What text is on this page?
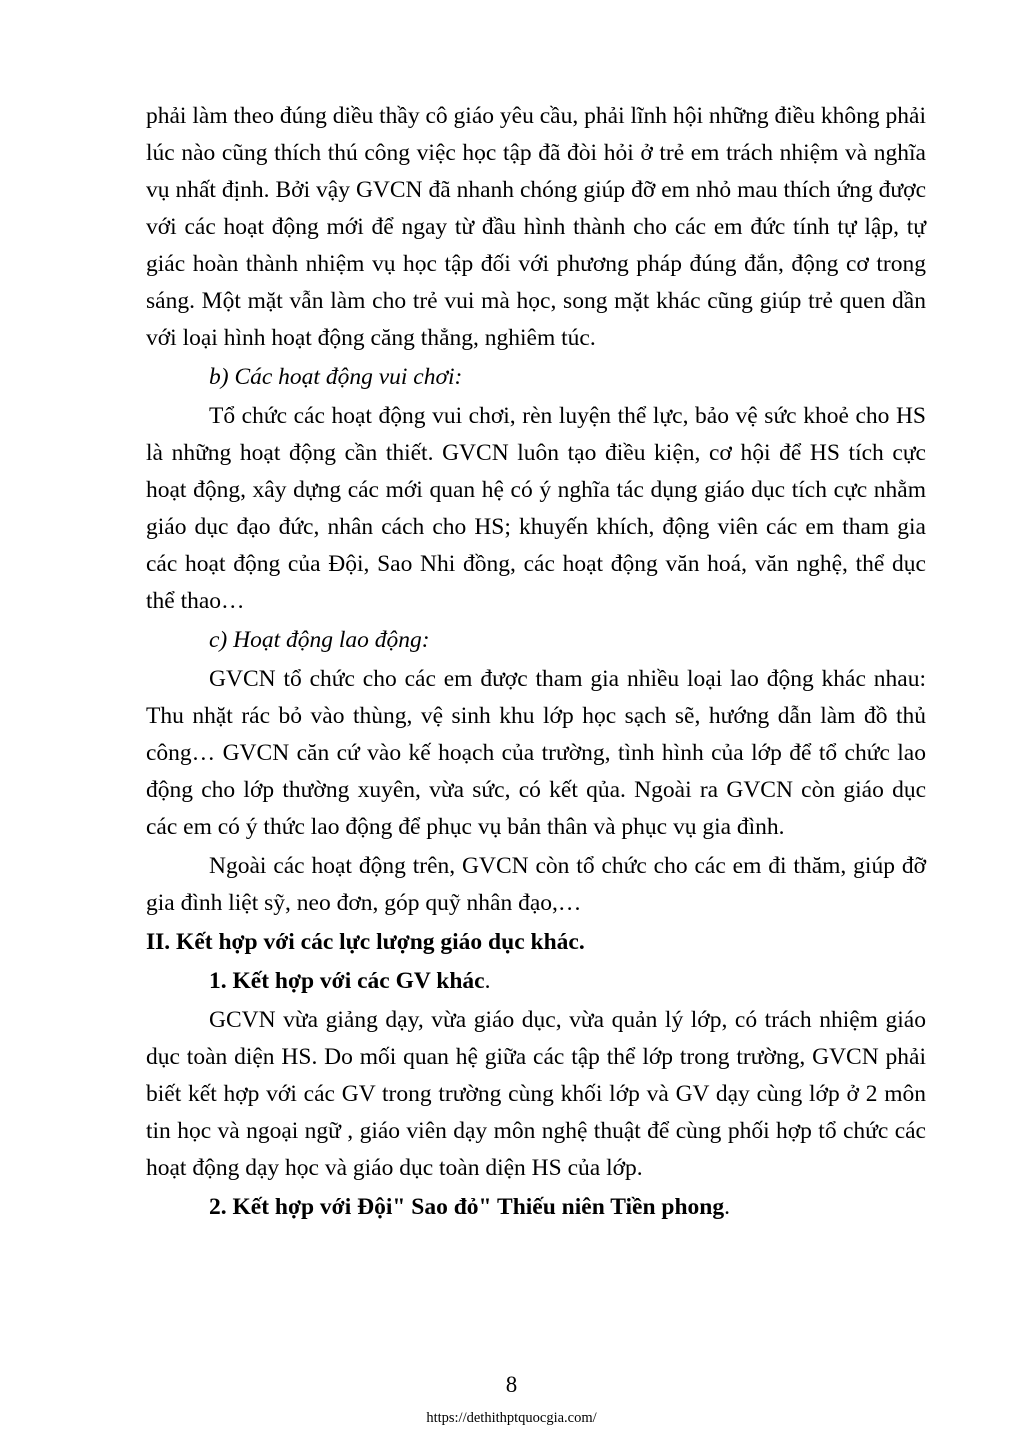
phải làm theo đúng diều thầy cô giáo yêu cầu, phải lĩnh hội những điều không phải lúc nào cũng thích thú công việc học tập đã đòi hỏi ở trẻ em trách nhiệm và nghĩa vụ nhất định. Bởi vậy GVCN đã nhanh chóng giúp đỡ em nhỏ mau thích ứng được với các hoạt động mới để ngay từ đầu hình thành cho các em đức tính tự lập, tự giác hoàn thành nhiệm vụ học tập đối với phương pháp đúng đắn, động cơ trong sáng. Một mặt vẫn làm cho trẻ vui mà học, song mặt khác cũng giúp trẻ quen dần với loại hình hoạt động căng thẳng, nghiêm túc.

b) Các hoạt động vui chơi:

Tổ chức các hoạt động vui chơi, rèn luyện thể lực, bảo vệ sức khoẻ cho HS là những hoạt động cần thiết. GVCN luôn tạo điều kiện, cơ hội để HS tích cực hoạt động, xây dựng các mới quan hệ có ý nghĩa tác dụng giáo dục tích cực nhằm giáo dục đạo đức, nhân cách cho HS; khuyến khích, động viên các em tham gia các hoạt động của Đội, Sao Nhi đồng, các hoạt động văn hoá, văn nghệ, thể dục thể thao…

c) Hoạt động lao động:

GVCN tổ chức cho các em được tham gia nhiều loại lao động khác nhau: Thu nhặt rác bỏ vào thùng, vệ sinh khu lớp học sạch sẽ, hướng dẫn làm đồ thủ công… GVCN căn cứ vào kế hoạch của trường, tình hình của lớp để tổ chức lao động cho lớp thường xuyên, vừa sức, có kết qủa. Ngoài ra GVCN còn giáo dục các em có ý thức lao động để phục vụ bản thân và phục vụ gia đình.

Ngoài các hoạt động trên, GVCN còn tổ chức cho các em đi thăm, giúp đỡ gia đình liệt sỹ, neo đơn, góp quỹ nhân đạo,…

II. Kết hợp với các lực lượng giáo dục khác.

1. Kết hợp với các GV khác.

GCVN vừa giảng dạy, vừa giáo dục, vừa quản lý lớp, có trách nhiệm giáo dục toàn diện HS. Do mối quan hệ giữa các tập thể lớp trong trường, GVCN phải biết kết hợp với các GV trong trường cùng khối lớp và GV dạy cùng lớp ở 2 môn tin học và ngoại ngữ , giáo viên dạy môn nghệ thuật để cùng phối hợp tổ chức các hoạt động dạy học và giáo dục toàn diện HS của lớp.

2. Kết hợp với Đội" Sao đỏ" Thiếu niên Tiền phong.

8
https://dethithptquocgia.com/
